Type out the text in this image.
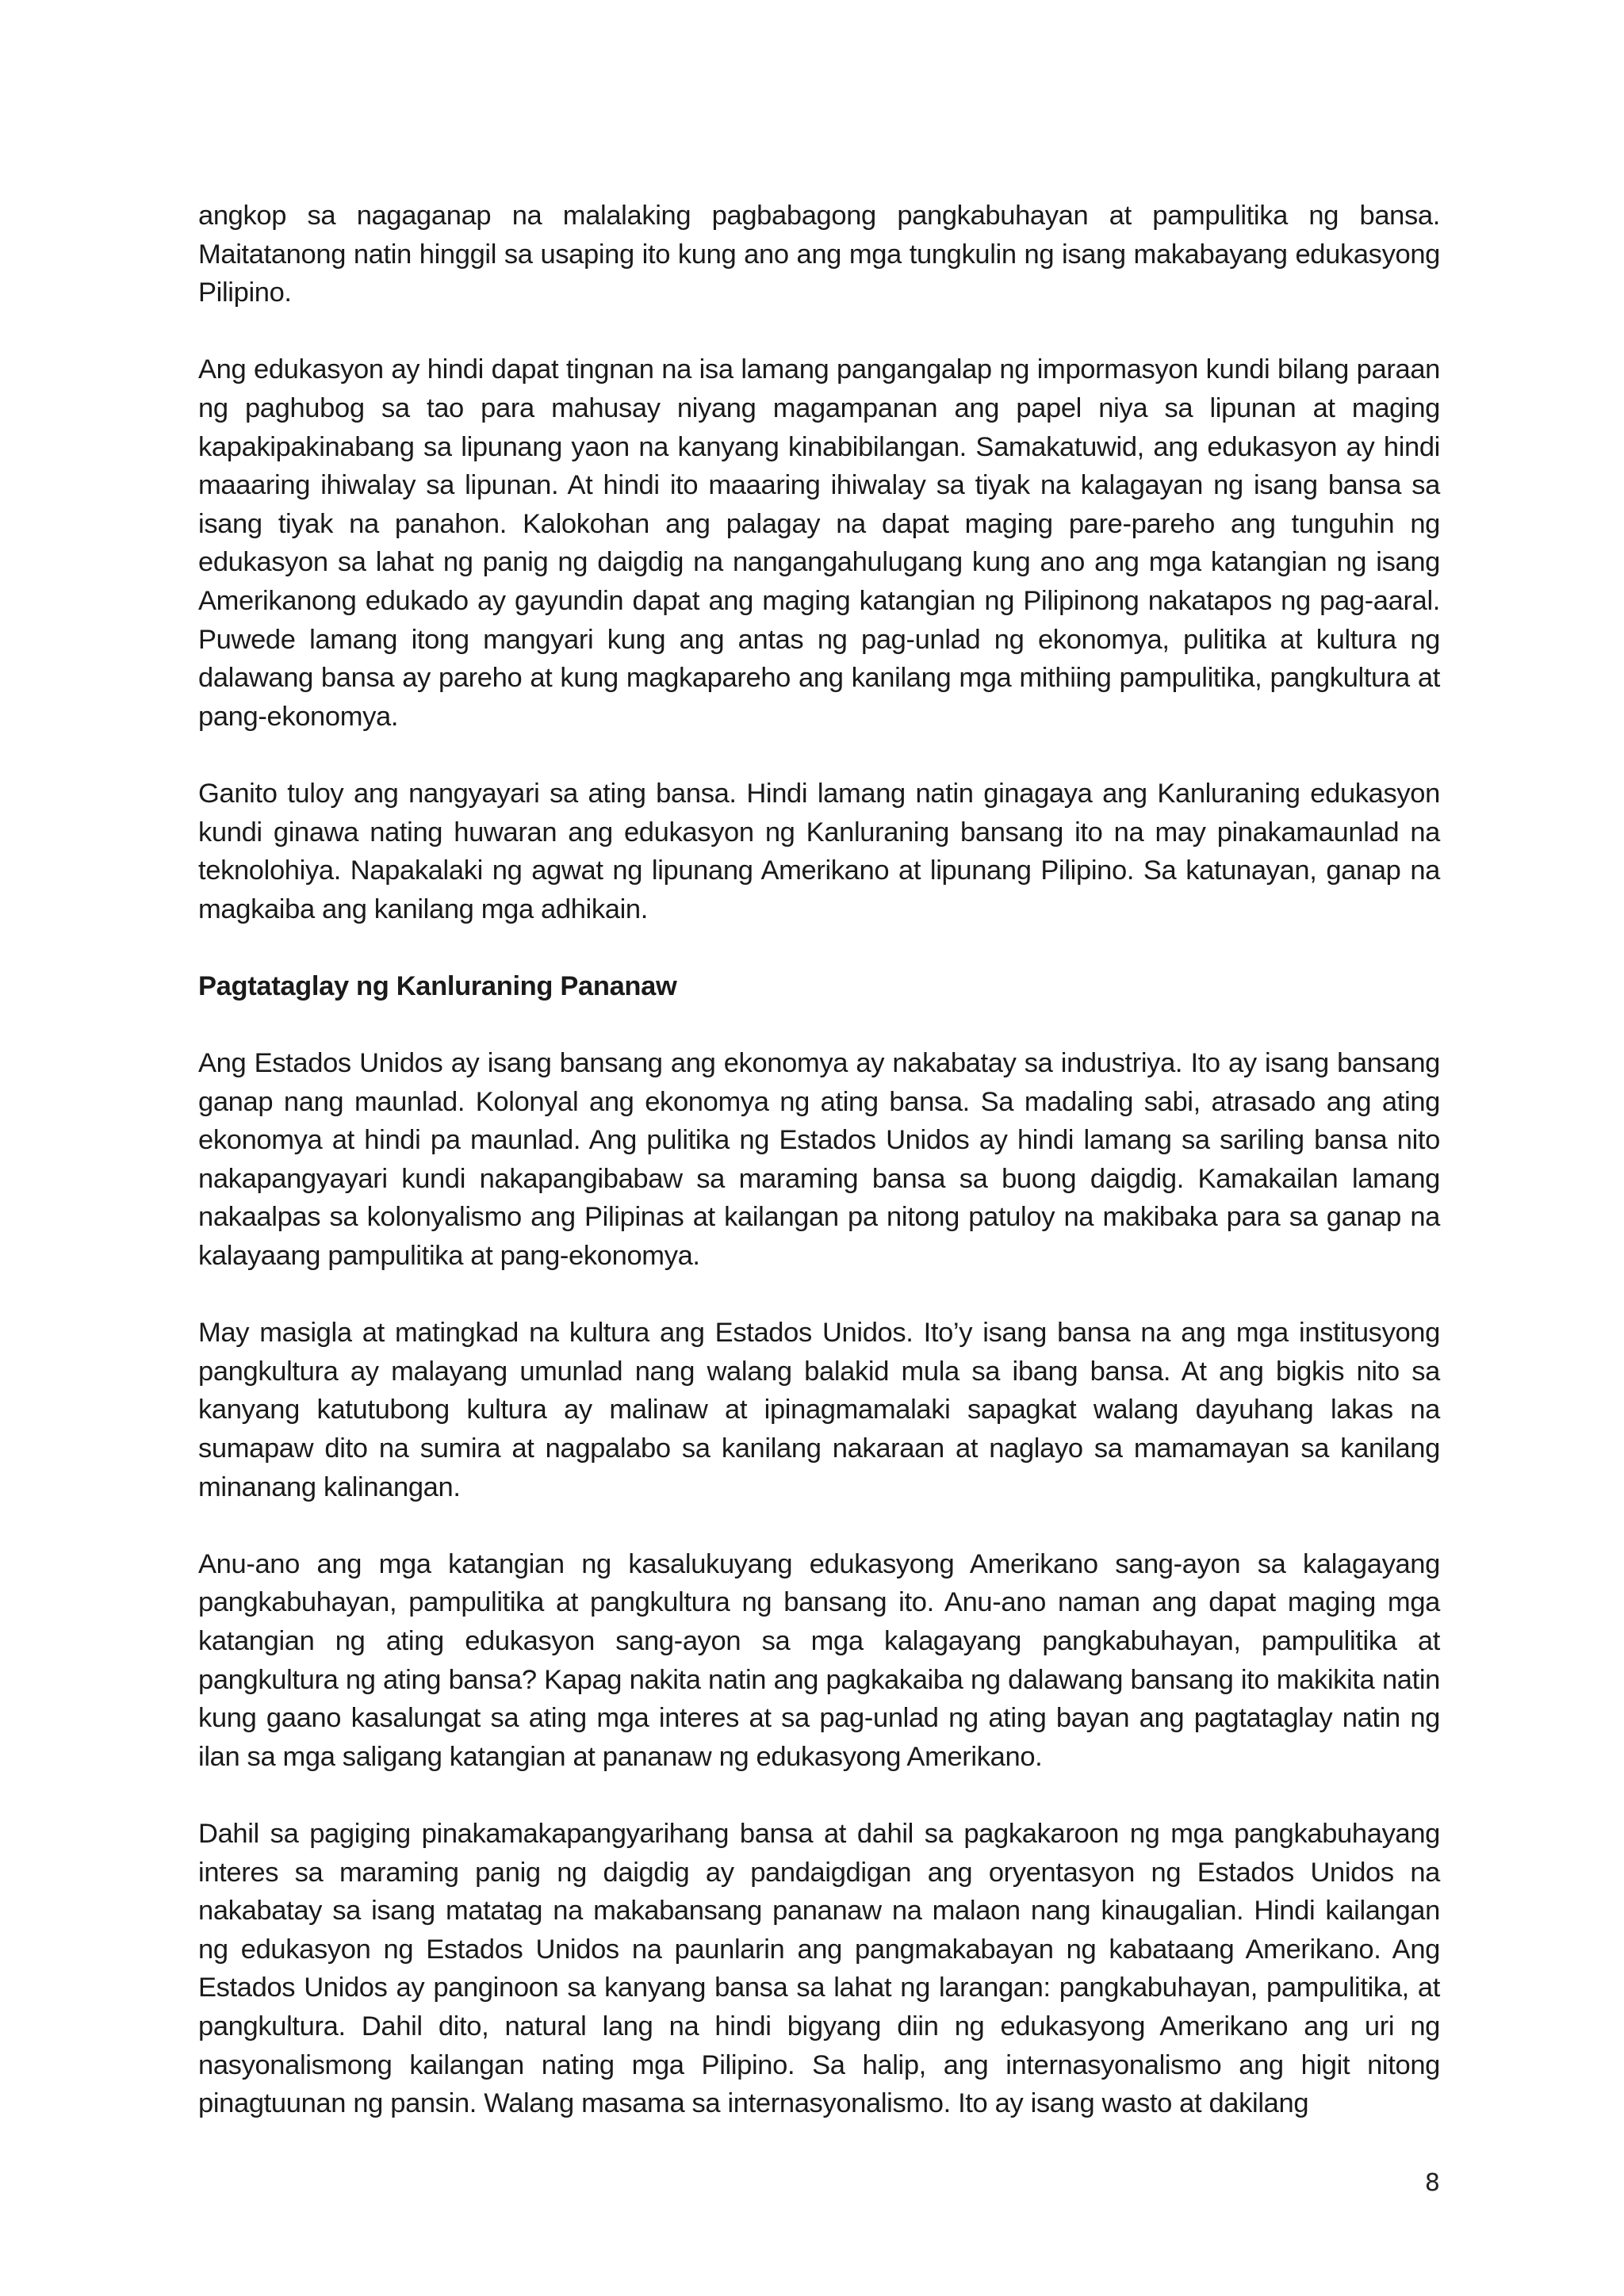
angkop sa nagaganap na malalaking pagbabagong pangkabuhayan at pampulitika ng bansa. Maitatanong natin hinggil sa usaping ito kung ano ang mga tungkulin ng isang makabayang edukasyong Pilipino.

Ang edukasyon ay hindi dapat tingnan na isa lamang pangangalap ng impormasyon kundi bilang paraan ng paghubog sa tao para mahusay niyang magampanan ang papel niya sa lipunan at maging kapakipakinabang sa lipunang yaon na kanyang kinabibilangan. Samakatuwid, ang edukasyon ay hindi maaaring ihiwalay sa lipunan. At hindi ito maaaring ihiwalay sa tiyak na kalagayan ng isang bansa sa isang tiyak na panahon. Kalokohan ang palagay na dapat maging pare-pareho ang tunguhin ng edukasyon sa lahat ng panig ng daigdig na nangangahulugang kung ano ang mga katangian ng isang Amerikanong edukado ay gayundin dapat ang maging katangian ng Pilipinong nakatapos ng pag-aaral. Puwede lamang itong mangyari kung ang antas ng pag-unlad ng ekonomya, pulitika at kultura ng dalawang bansa ay pareho at kung magkapareho ang kanilang mga mithiing pampulitika, pangkultura at pang-ekonomya.

Ganito tuloy ang nangyayari sa ating bansa. Hindi lamang natin ginagaya ang Kanluraning edukasyon kundi ginawa nating huwaran ang edukasyon ng Kanluraning bansang ito na may pinakamaunlad na teknolohiya. Napakalaki ng agwat ng lipunang Amerikano at lipunang Pilipino. Sa katunayan, ganap na magkaiba ang kanilang mga adhikain.

Pagtataglay ng Kanluraning Pananaw

Ang Estados Unidos ay isang bansang ang ekonomya ay nakabatay sa industriya. Ito ay isang bansang ganap nang maunlad. Kolonyal ang ekonomya ng ating bansa. Sa madaling sabi, atrasado ang ating ekonomya at hindi pa maunlad. Ang pulitika ng Estados Unidos ay hindi lamang sa sariling bansa nito nakapangyayari kundi nakapangibabaw sa maraming bansa sa buong daigdig. Kamakailan lamang nakaalpas sa kolonyalismo ang Pilipinas at kailangan pa nitong patuloy na makibaka para sa ganap na kalayaang pampulitika at pang-ekonomya.

May masigla at matingkad na kultura ang Estados Unidos. Ito’y isang bansa na ang mga institusyong pangkultura ay malayang umunlad nang walang balakid mula sa ibang bansa. At ang bigkis nito sa kanyang katutubong kultura ay malinaw at ipinagmamalaki sapagkat walang dayuhang lakas na sumapaw dito na sumira at nagpalabo sa kanilang nakaraan at naglayo sa mamamayan sa kanilang minanang kalinangan.

Anu-ano ang mga katangian ng kasalukuyang edukasyong Amerikano sang-ayon sa kalagayang pangkabuhayan, pampulitika at pangkultura ng bansang ito. Anu-ano naman ang dapat maging mga katangian ng ating edukasyon sang-ayon sa mga kalagayang pangkabuhayan, pampulitika at pangkultura ng ating bansa? Kapag nakita natin ang pagkakaiba ng dalawang bansang ito makikita natin kung gaano kasalungat sa ating mga interes at sa pag-unlad ng ating bayan ang pagtataglay natin ng ilan sa mga saligang katangian at pananaw ng edukasyong Amerikano.

Dahil sa pagiging pinakamakapangyarihang bansa at dahil sa pagkakaroon ng mga pangkabuhayang interes sa maraming panig ng daigdig ay pandaigdigan ang oryentasyon ng Estados Unidos na nakabatay sa isang matatag na makabansang pananaw na malaon nang kinaugalian. Hindi kailangan ng edukasyon ng Estados Unidos na paunlarin ang pangmakabayan ng kabataang Amerikano. Ang Estados Unidos ay panginoon sa kanyang bansa sa lahat ng larangan: pangkabuhayan, pampulitika, at pangkultura. Dahil dito, natural lang na hindi bigyang diin ng edukasyong Amerikano ang uri ng nasyonalismong kailangan nating mga Pilipino. Sa halip, ang internasyonalismo ang higit nitong pinagtuunan ng pansin. Walang masama sa internasyonalismo. Ito ay isang wasto at dakilang

8
